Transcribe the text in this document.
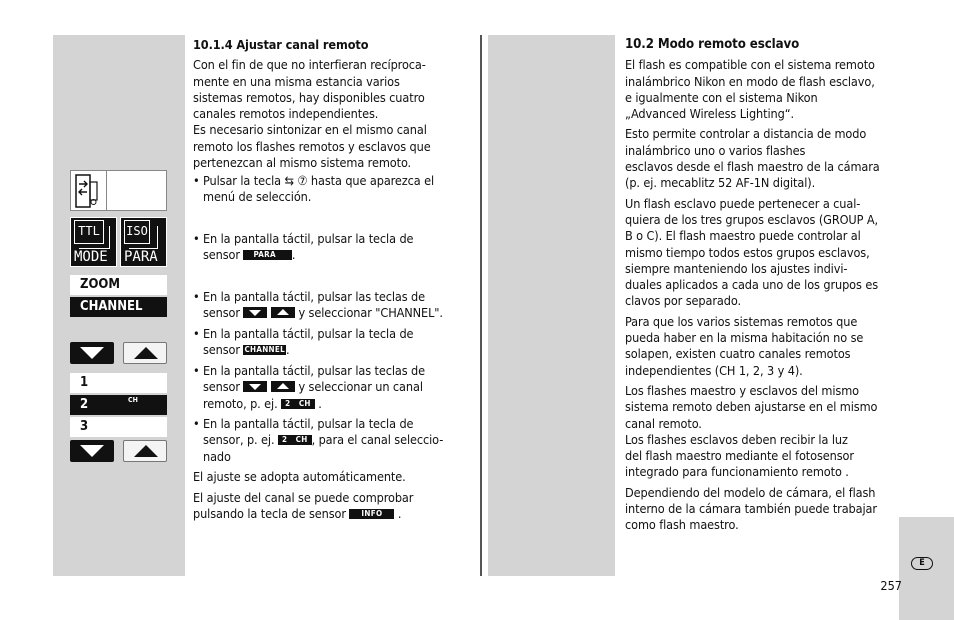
TTL
MODE
ISO
PARA
ZOOM
CHANNEL
1
2	CH
3

10.1.4 Ajustar canal remoto

Con el fin de que no interfieran recíproca-

mente en una misma estancia varios

sistemas remotos, hay disponibles cuatro

canales remotos independientes.

Es necesario sintonizar en el mismo canal

remoto los flashes remotos y esclavos que

pertenezcan al mismo sistema remoto.

• Pulsar la tecla ⇆ ⑦ hasta que aparezca el
menú de selección.
• En la pantalla táctil, pulsar la tecla de
sensor PARA .
• En la pantalla táctil, pulsar las teclas de
sensor	y seleccionar "CHANNEL".
• En la pantalla táctil, pulsar la tecla de
sensor CHANNEL.
• En la pantalla táctil, pulsar las teclas de
sensor	y seleccionar un canal
remoto, p. ej. 2   CH .
• En la pantalla táctil, pulsar la tecla de
sensor, p. ej. 2   CH , para el canal seleccio-
nado

El ajuste se adopta automáticamente.

El ajuste del canal se puede comprobar

pulsando la tecla de sensor INFO .

10.2 Modo remoto esclavo

El flash es compatible con el sistema remoto

inalámbrico Nikon en modo de flash esclavo,

e igualmente con el sistema Nikon

„Advanced Wireless Lighting“.

Esto permite controlar a distancia de modo

inalámbrico uno o varios flashes

esclavos desde el flash maestro de la cámara

(p. ej. mecablitz 52 AF-1N digital).

Un flash esclavo puede pertenecer a cual-

quiera de los tres grupos esclavos (GROUP A,

B o C). El flash maestro puede controlar al

mismo tiempo todos estos grupos esclavos,

siempre manteniendo los ajustes indivi-

duales aplicados a cada uno de los grupos es

clavos por separado.

Para que los varios sistemas remotos que

pueda haber en la misma habitación no se

solapen, existen cuatro canales remotos

independientes (CH 1, 2, 3 y 4).

Los flashes maestro y esclavos del mismo

sistema remoto deben ajustarse en el mismo

canal remoto.

Los flashes esclavos deben recibir la luz

del flash maestro mediante el fotosensor

integrado para funcionamiento remoto .

Dependiendo del modelo de cámara, el flash

interno de la cámara también puede trabajar

como flash maestro.

E
257
